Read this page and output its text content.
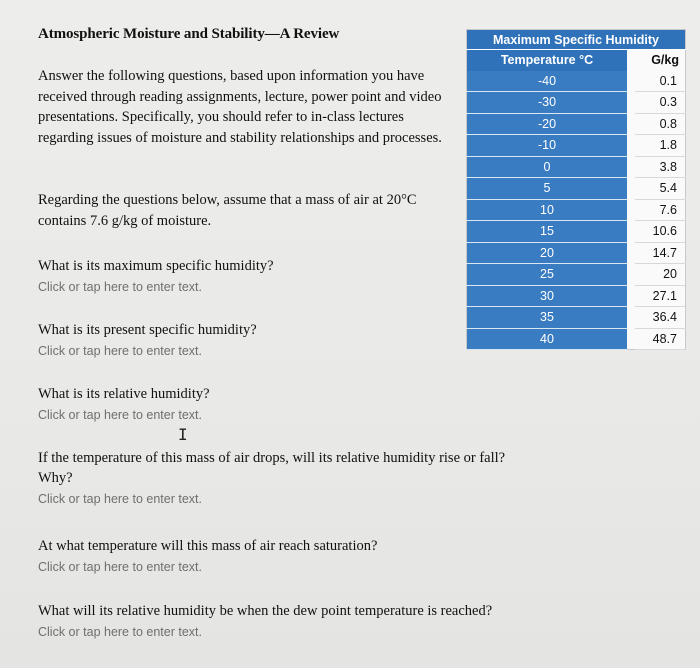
Atmospheric Moisture and Stability—A Review
Answer the following questions, based upon information you have received through reading assignments, lecture, power point and video presentations. Specifically, you should refer to in-class lectures regarding issues of moisture and stability relationships and processes.
Regarding the questions below, assume that a mass of air at 20°C contains 7.6 g/kg of moisture.
What is its maximum specific humidity?
Click or tap here to enter text.
What is its present specific humidity?
Click or tap here to enter text.
What is its relative humidity?
Click or tap here to enter text.
I
If the temperature of this mass of air drops, will its relative humidity rise or fall?
Why?
Click or tap here to enter text.
At what temperature will this mass of air reach saturation?
Click or tap here to enter text.
What will its relative humidity be when the dew point temperature is reached?
Click or tap here to enter text.
Maximum Specific Humidity		
Temperature °C		G/kg
-40		0.1
-30		0.3
-20		0.8
-10		1.8
0		3.8
5		5.4
10		7.6
15		10.6
20		14.7
25		20
30		27.1
35		36.4
40		48.7
